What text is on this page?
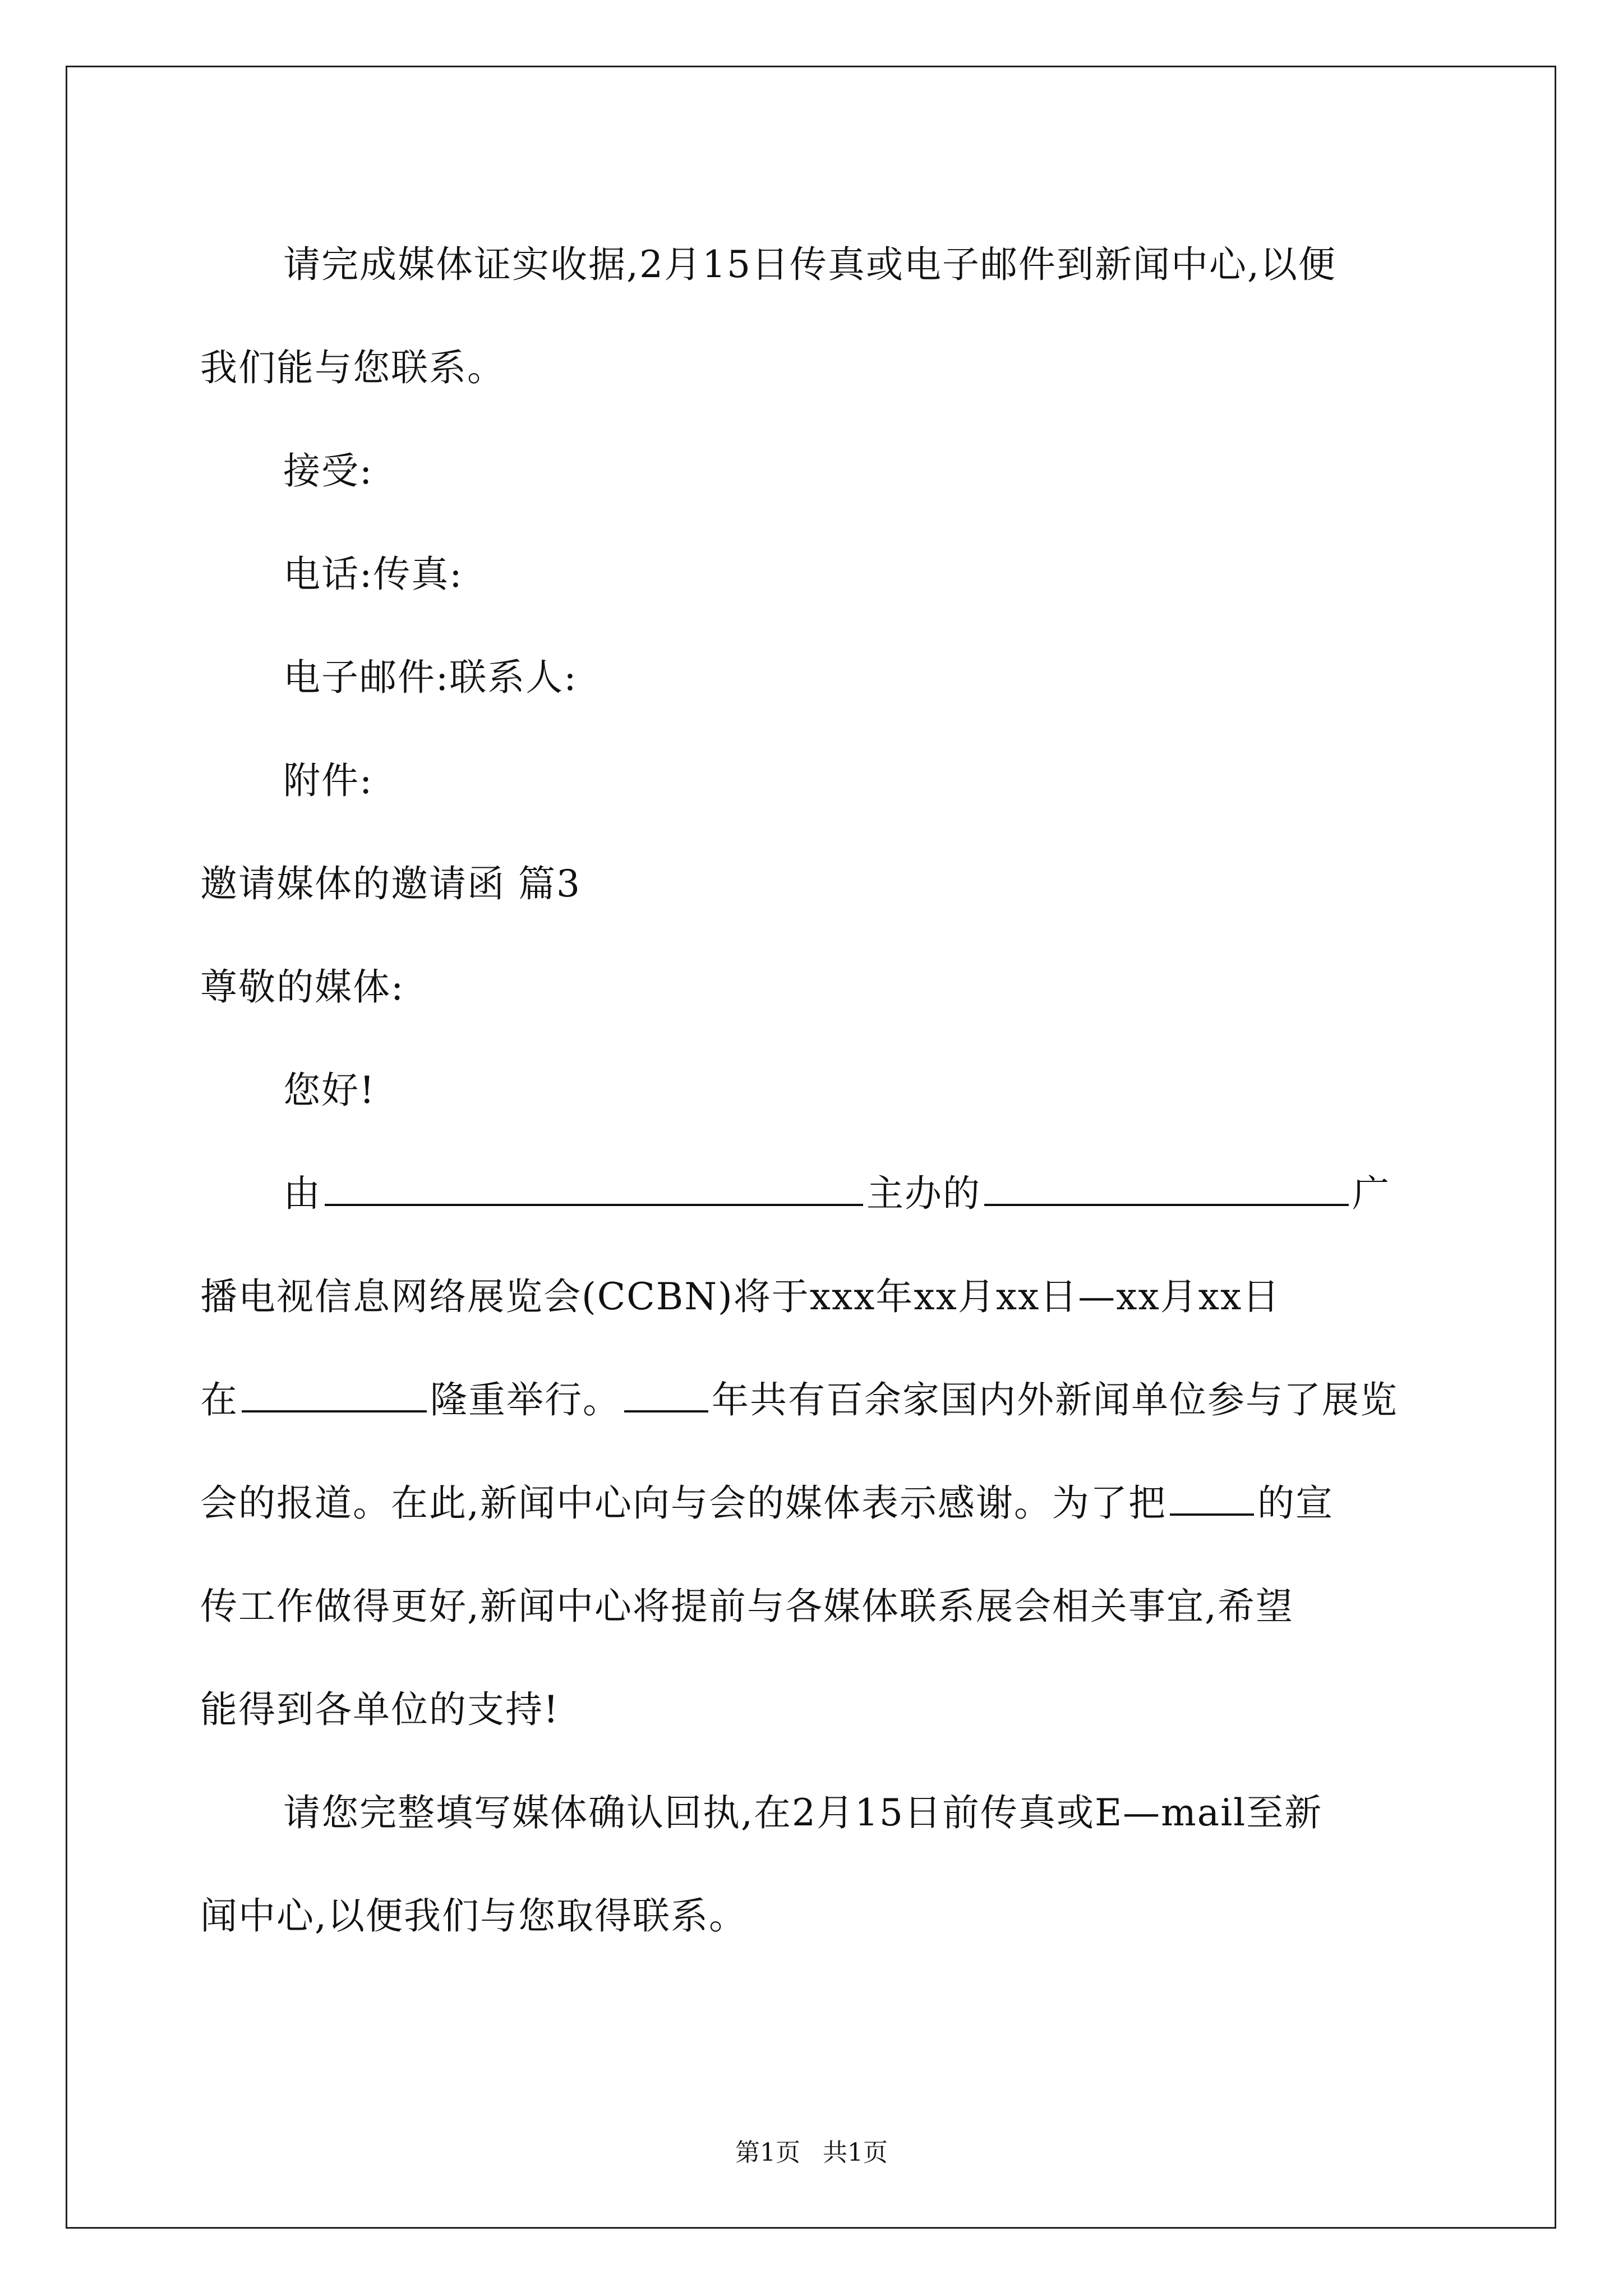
请完成媒体证实收据,2月15日传真或电子邮件到新闻中心,以便
我们能与您联系。
接受:
电话:传真:
电子邮件:联系人:
附件:
邀请媒体的邀请函 篇3
尊敬的媒体:
您好!
由	主办的	广
播电视信息网络展览会(CCBN)将于xxx年xx月xx日—xx月xx日
在	隆重举行。 年共有百余家国内外新闻单位参与了展览
会的报道。在此,新闻中心向与会的媒体表示感谢。为了把 的宣
传工作做得更好,新闻中心将提前与各媒体联系展会相关事宜,希望
能得到各单位的支持!
请您完整填写媒体确认回执,在2月15日前传真或E—mail至新
闻中心,以便我们与您取得联系。
第1页 共1页
